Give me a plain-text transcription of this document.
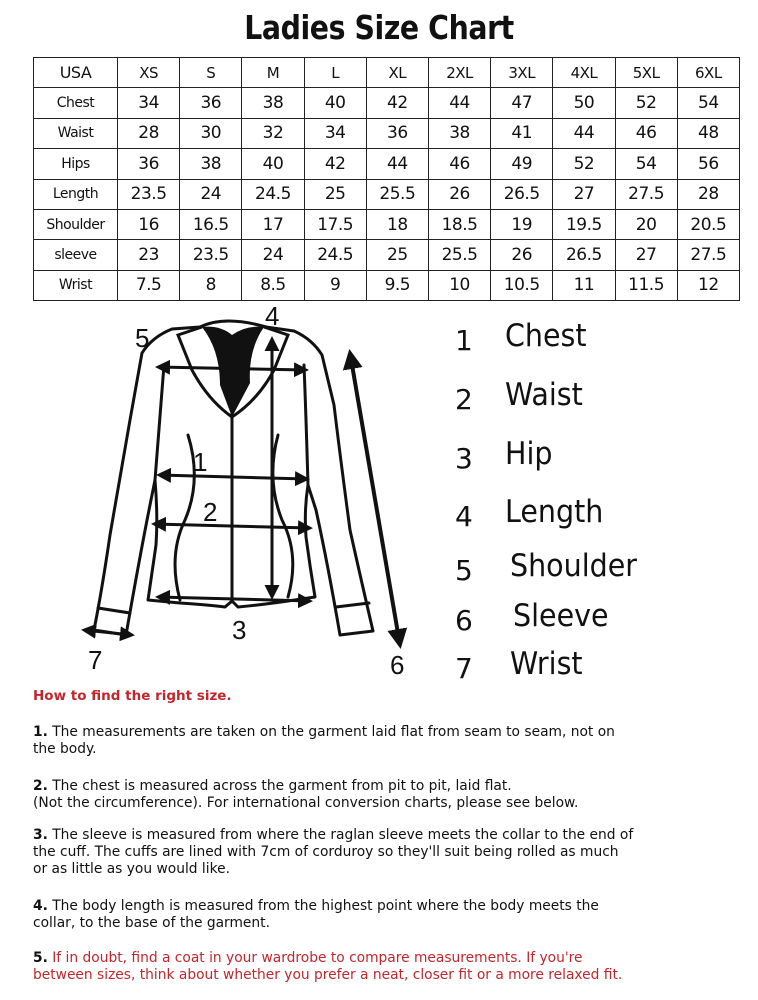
Ladies Size Chart
USA	XS	S	M	L	XL	2XL	3XL	4XL	5XL	6XL
Chest	34	36	38	40	42	44	47	50	52	54
Waist	28	30	32	34	36	38	41	44	46	48
Hips	36	38	40	42	44	46	49	52	54	56
Length	23.5	24	24.5	25	25.5	26	26.5	27	27.5	28
Shoulder	16	16.5	17	17.5	18	18.5	19	19.5	20	20.5
sleeve	23	23.5	24	24.5	25	25.5	26	26.5	27	27.5
Wrist	7.5	8	8.5	9	9.5	10	10.5	11	11.5	12
1
2
3
4
5
6
7
1 Chest
2 Waist
3 Hip
4 Length
5 Shoulder
6 Sleeve
7 Wrist
How to find the right size.
1. The measurements are taken on the garment laid flat from seam to seam, not on
the body.
2. The chest is measured across the garment from pit to pit, laid flat.
(Not the circumference). For international conversion charts, please see below.
3. The sleeve is measured from where the raglan sleeve meets the collar to the end of
the cuff. The cuffs are lined with 7cm of corduroy so they'll suit being rolled as much
or as little as you would like.
4. The body length is measured from the highest point where the body meets the
collar, to the base of the garment.
5. If in doubt, find a coat in your wardrobe to compare measurements. If you're
between sizes, think about whether you prefer a neat, closer fit or a more relaxed fit.
